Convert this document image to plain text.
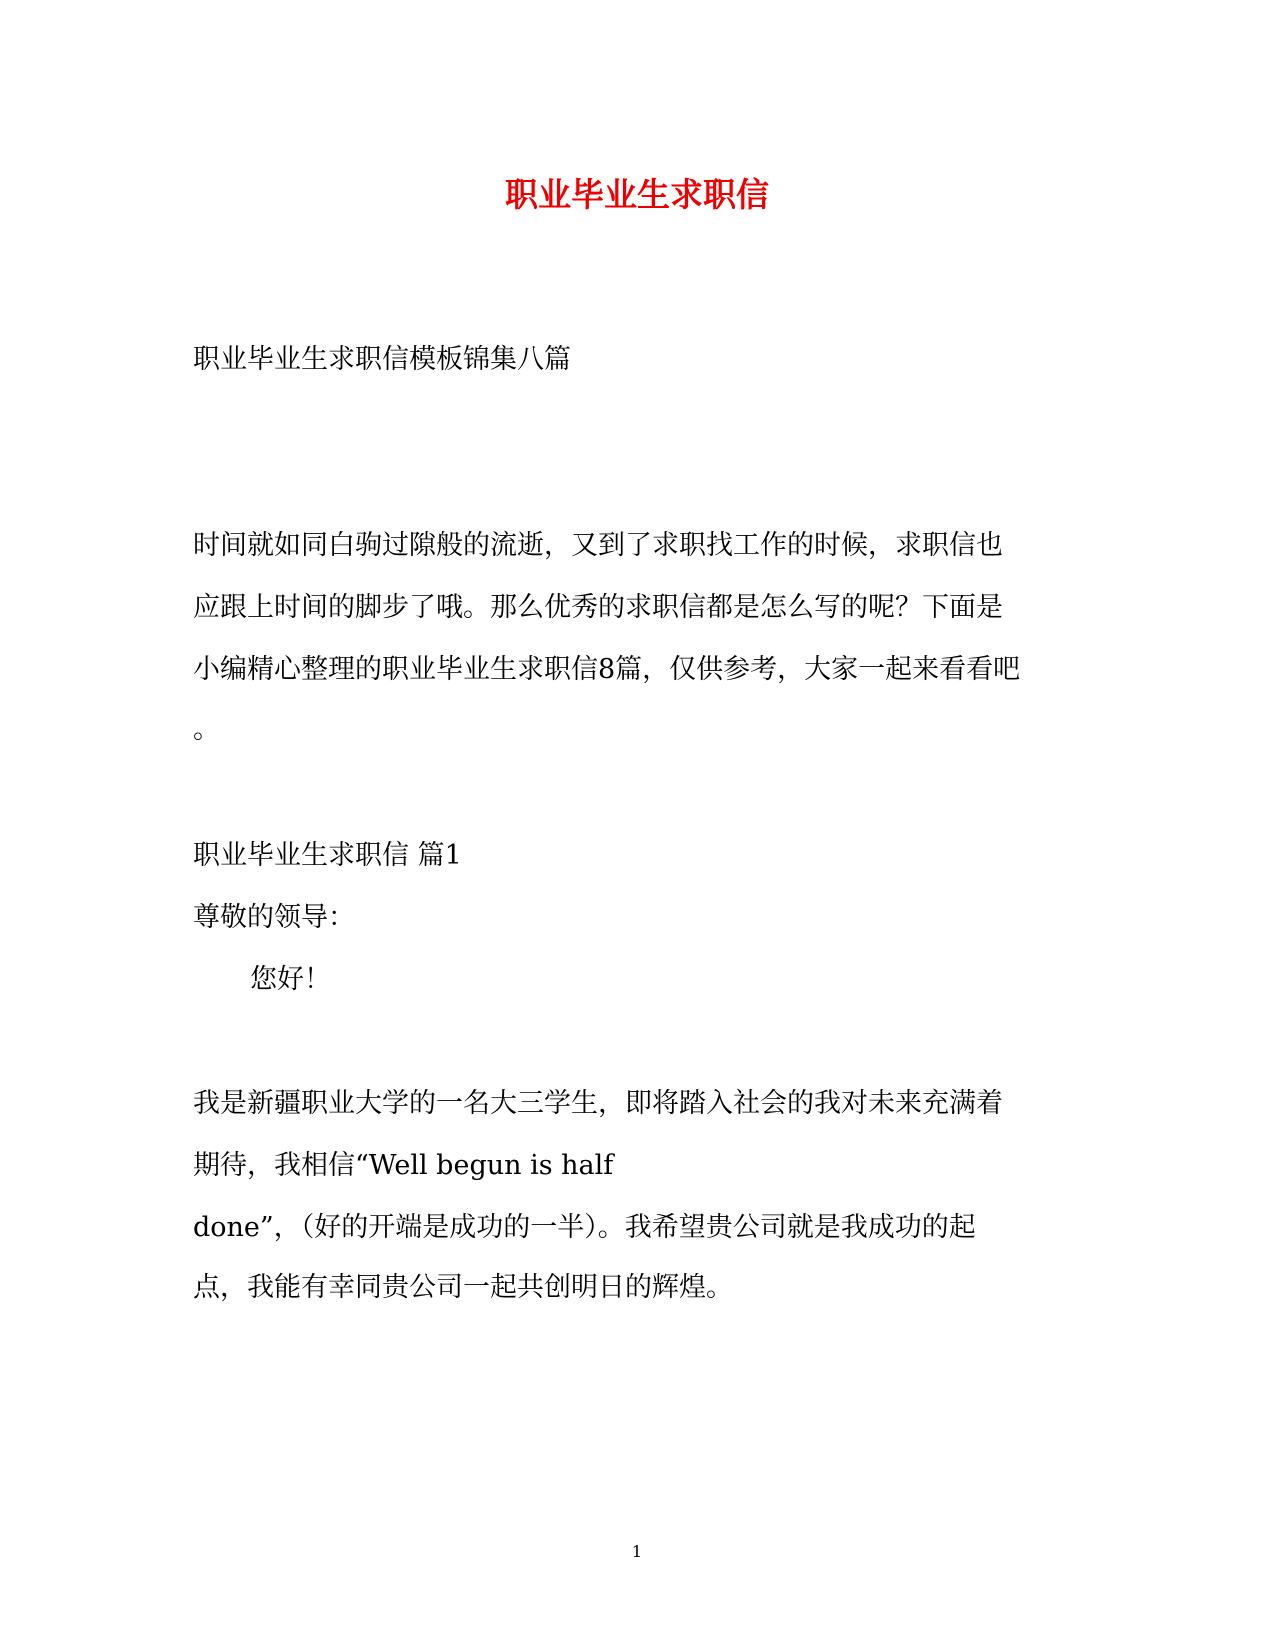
职业毕业生求职信

职业毕业生求职信模板锦集八篇

时间就如同白驹过隙般的流逝，又到了求职找工作的时候，求职信也

应跟上时间的脚步了哦。那么优秀的求职信都是怎么写的呢？下面是

小编精心整理的职业毕业生求职信8篇，仅供参考，大家一起来看看吧

。

职业毕业生求职信 篇1

尊敬的领导：

您好！

我是新疆职业大学的一名大三学生，即将踏入社会的我对未来充满着

期待，我相信“Well begun is half

done”，（好的开端是成功的一半）。我希望贵公司就是我成功的起

点，我能有幸同贵公司一起共创明日的辉煌。

1
